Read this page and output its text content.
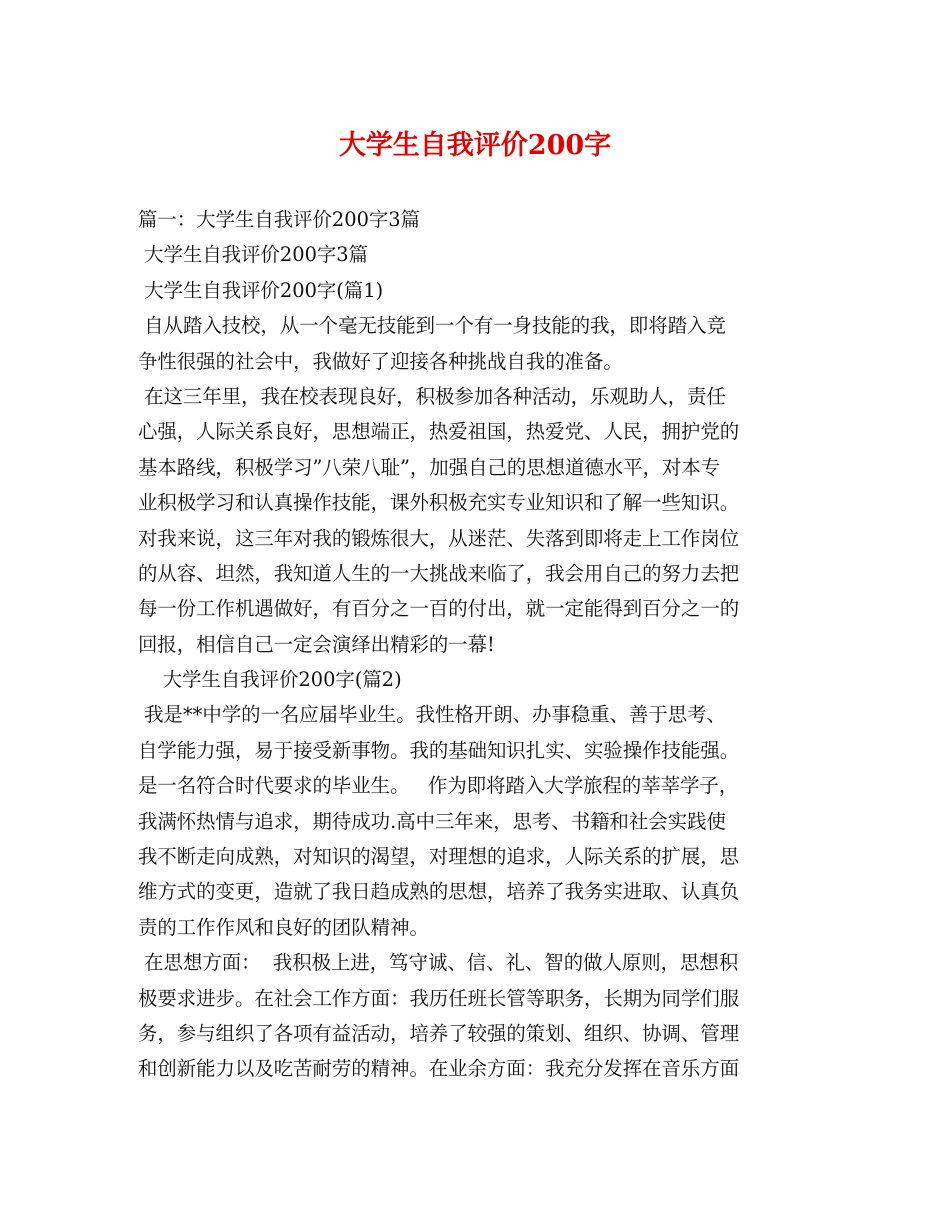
大学生自我评价200字
篇一：大学生自我评价200字3篇
大学生自我评价200字3篇
大学生自我评价200字(篇1)
自从踏入技校，从一个毫无技能到一个有一身技能的我，即将踏入竞
争性很强的社会中，我做好了迎接各种挑战自我的准备。
在这三年里，我在校表现良好，积极参加各种活动，乐观助人，责任
心强，人际关系良好，思想端正，热爱祖国，热爱党、人民，拥护党的
基本路线，积极学习”八荣八耻”，加强自己的思想道德水平，对本专
业积极学习和认真操作技能，课外积极充实专业知识和了解一些知识。
对我来说，这三年对我的锻炼很大，从迷茫、失落到即将走上工作岗位
的从容、坦然，我知道人生的一大挑战来临了，我会用自己的努力去把
每一份工作机遇做好，有百分之一百的付出，就一定能得到百分之一的
回报，相信自己一定会演绎出精彩的一幕!
大学生自我评价200字(篇2)
我是**中学的一名应届毕业生。我性格开朗、办事稳重、善于思考、
自学能力强，易于接受新事物。我的基础知识扎实、实验操作技能强。
是一名符合时代要求的毕业生。   作为即将踏入大学旅程的莘莘学子，
我满怀热情与追求，期待成功.高中三年来，思考、书籍和社会实践使
我不断走向成熟，对知识的渴望，对理想的追求，人际关系的扩展，思
维方式的变更，造就了我日趋成熟的思想，培养了我务实进取、认真负
责的工作作风和良好的团队精神。
在思想方面：  我积极上进，笃守诚、信、礼、智的做人原则，思想积
极要求进步。在社会工作方面：我历任班长管等职务，长期为同学们服
务，参与组织了各项有益活动，培养了较强的策划、组织、协调、管理
和创新能力以及吃苦耐劳的精神。在业余方面：我充分发挥在音乐方面
